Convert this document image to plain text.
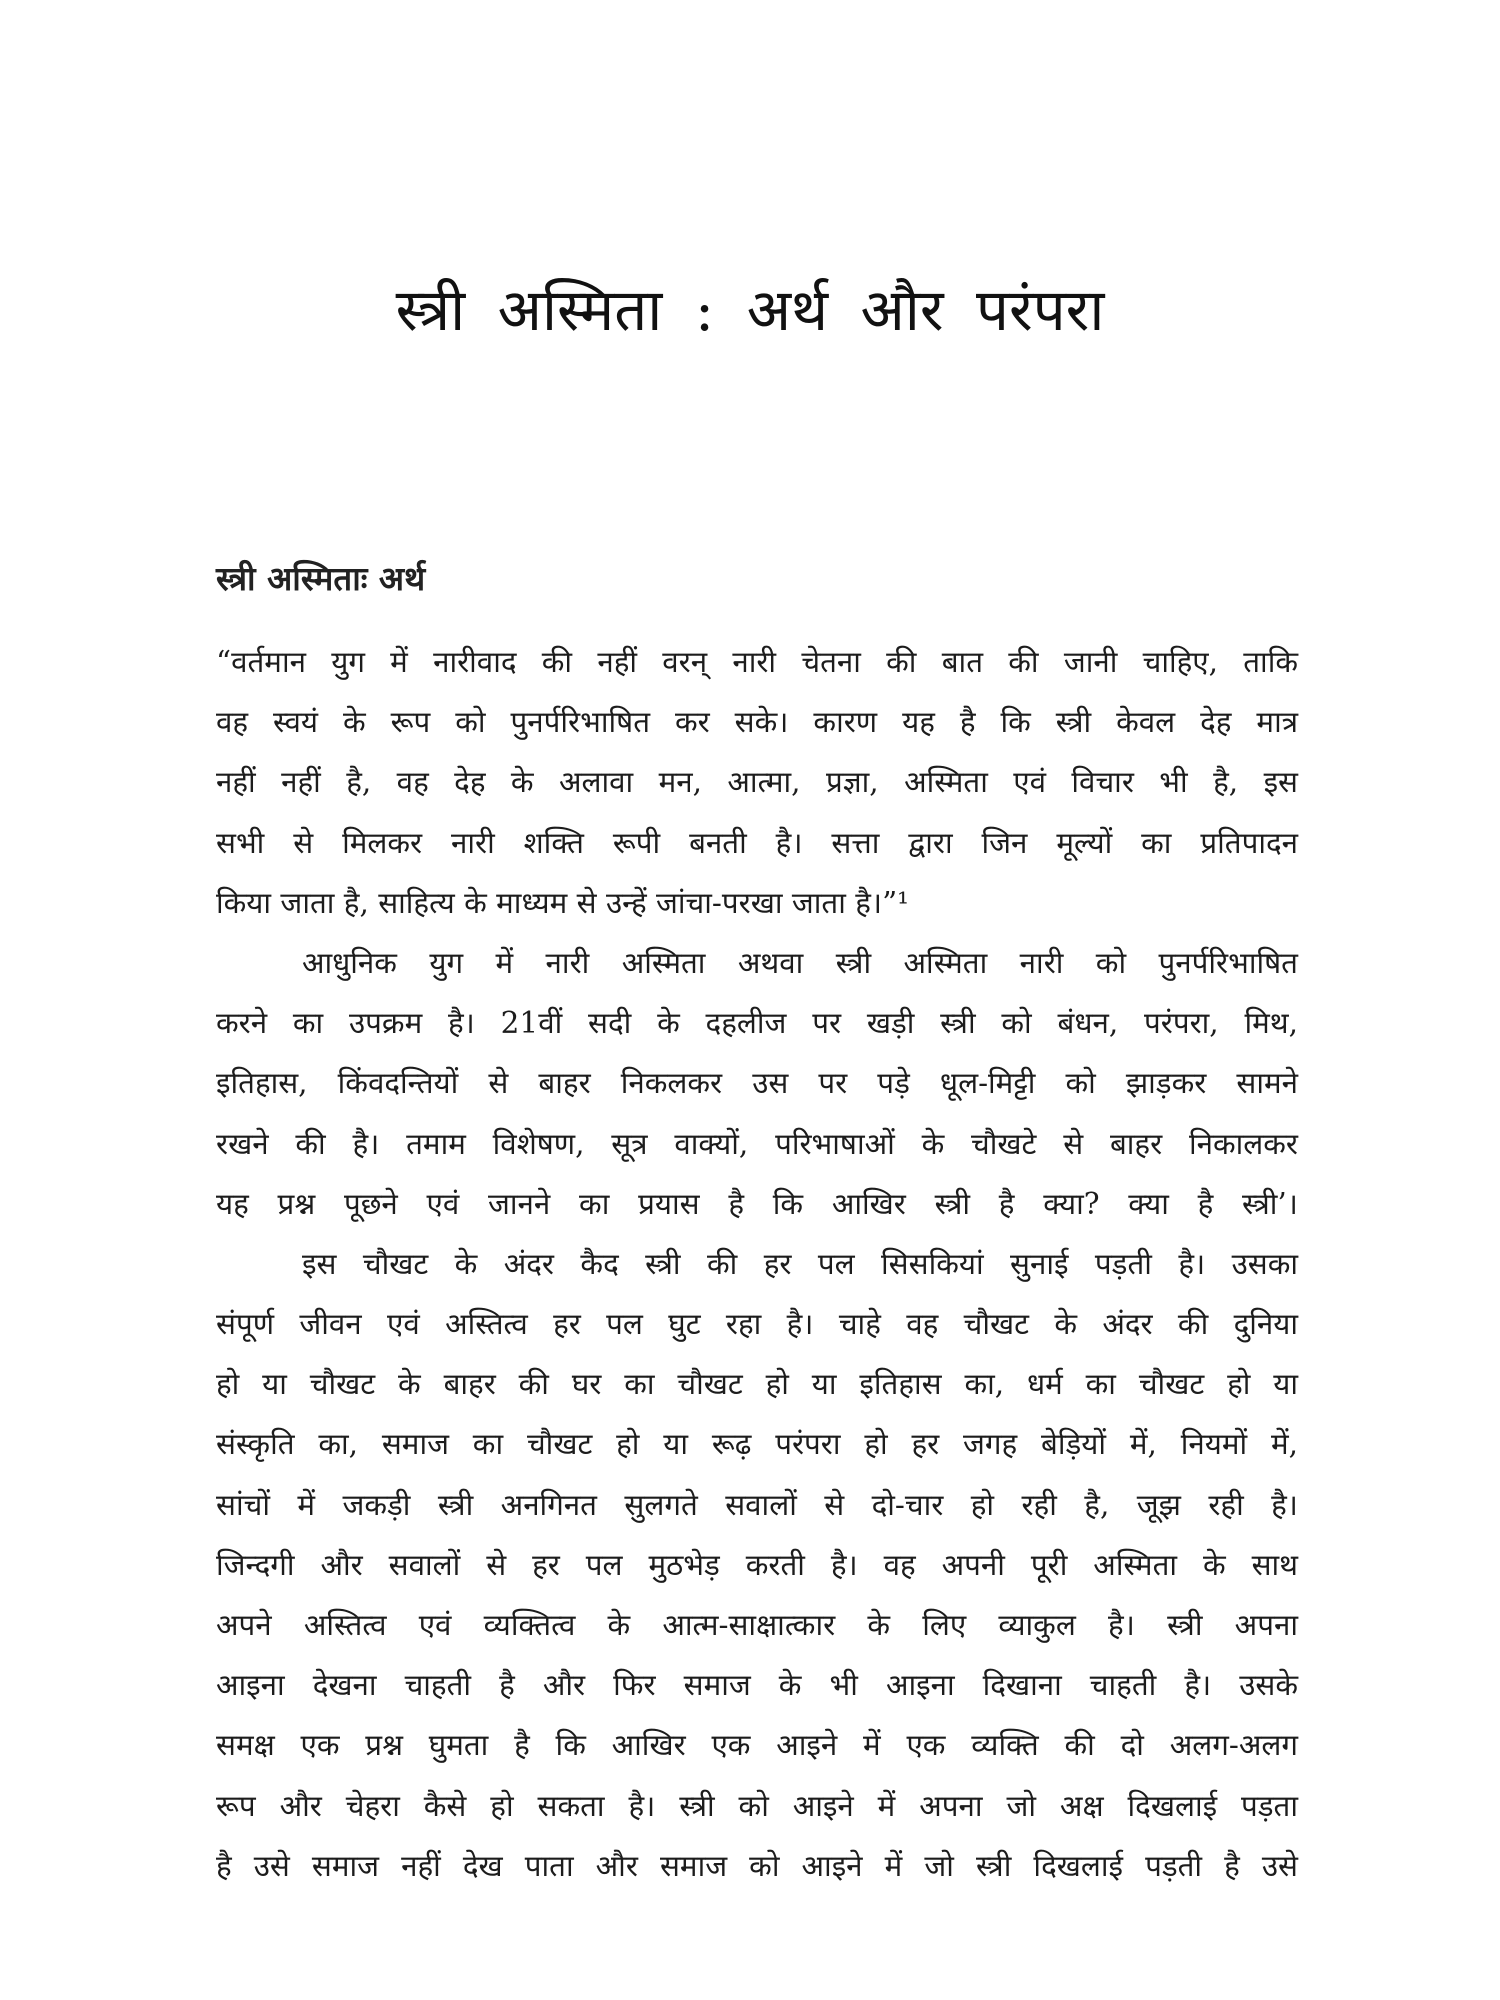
स्त्री अस्मिता : अर्थ और परंपरा
स्त्री अस्मिताः अर्थ
“वर्तमान युग में नारीवाद की नहीं वरन् नारी चेतना की बात की जानी चाहिए, ताकि
वह स्वयं के रूप को पुनर्परिभाषित कर सके। कारण यह है कि स्त्री केवल देह मात्र
नहीं नहीं है, वह देह के अलावा मन, आत्मा, प्रज्ञा, अस्मिता एवं विचार भी है, इस
सभी से मिलकर नारी शक्ति रूपी बनती है। सत्ता द्वारा जिन मूल्यों का प्रतिपादन
किया जाता है, साहित्य के माध्यम से उन्हें जांचा-परखा जाता है।”¹
आधुनिक युग में नारी अस्मिता अथवा स्त्री अस्मिता नारी को पुनर्परिभाषित
करने का उपक्रम है। 21वीं सदी के दहलीज पर खड़ी स्त्री को बंधन, परंपरा, मिथ,
इतिहास, किंवदन्तियों से बाहर निकलकर उस पर पड़े धूल-मिट्टी को झाड़कर सामने
रखने की है। तमाम विशेषण, सूत्र वाक्यों, परिभाषाओं के चौखटे से बाहर निकालकर
यह प्रश्न पूछने एवं जानने का प्रयास है कि आखिर स्त्री है क्या? क्या है स्त्री’।
इस चौखट के अंदर कैद स्त्री की हर पल सिसकियां सुनाई पड़ती है। उसका
संपूर्ण जीवन एवं अस्तित्व हर पल घुट रहा है। चाहे वह चौखट के अंदर की दुनिया
हो या चौखट के बाहर की घर का चौखट हो या इतिहास का, धर्म का चौखट हो या
संस्कृति का, समाज का चौखट हो या रूढ़ परंपरा हो हर जगह बेड़ियों में, नियमों में,
सांचों में जकड़ी स्त्री अनगिनत सुलगते सवालों से दो-चार हो रही है, जूझ रही है।
जिन्दगी और सवालों से हर पल मुठभेड़ करती है। वह अपनी पूरी अस्मिता के साथ
अपने अस्तित्व एवं व्यक्तित्व के आत्म-साक्षात्कार के लिए व्याकुल है। स्त्री अपना
आइना देखना चाहती है और फिर समाज के भी आइना दिखाना चाहती है। उसके
समक्ष एक प्रश्न घुमता है कि आखिर एक आइने में एक व्यक्ति की दो अलग-अलग
रूप और चेहरा कैसे हो सकता है। स्त्री को आइने में अपना जो अक्ष दिखलाई पड़ता
है उसे समाज नहीं देख पाता और समाज को आइने में जो स्त्री दिखलाई पड़ती है उसे
